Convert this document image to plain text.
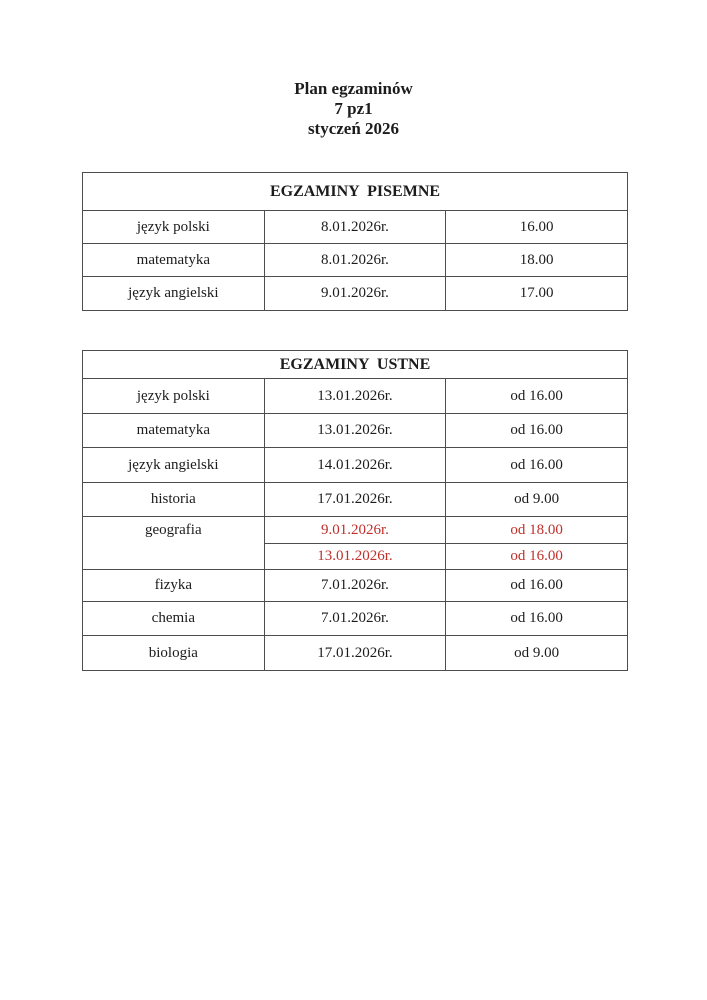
Plan egzaminów
7 pz1
styczeń 2026
EGZAMINY  PISEMNE		
język polski	8.01.2026r.	16.00
matematyka	8.01.2026r.	18.00
język angielski	9.01.2026r.	17.00
EGZAMINY  USTNE		
język polski	13.01.2026r.	od 16.00
matematyka	13.01.2026r.	od 16.00
język angielski	14.01.2026r.	od 16.00
historia	17.01.2026r.	od 9.00

geografia	9.01.2026r.	od 18.00
	13.01.2026r.	od 16.00
fizyka	7.01.2026r.	od 16.00
chemia	7.01.2026r.	od 16.00
biologia	17.01.2026r.	od 9.00
